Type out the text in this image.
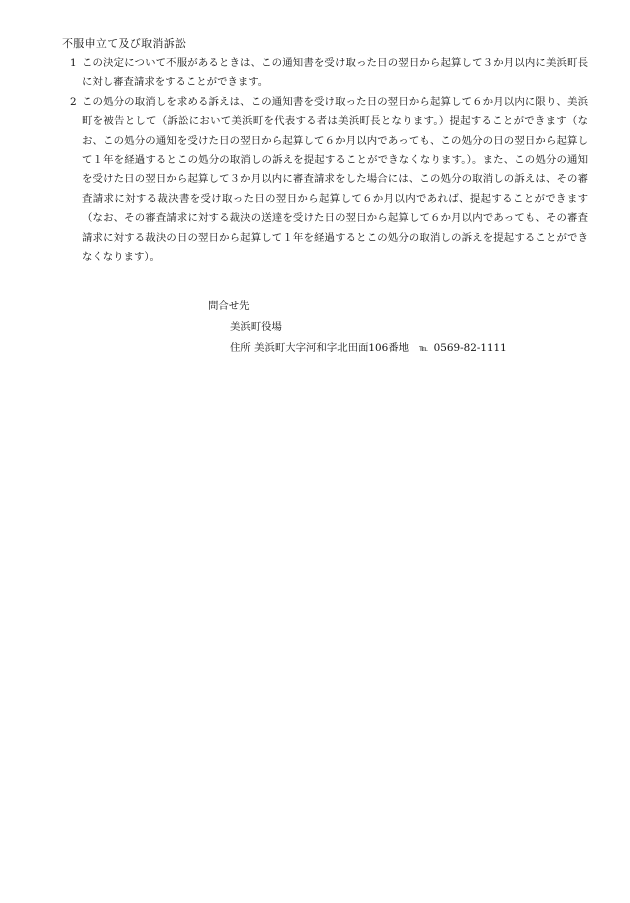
不服申立て及び取消訴訟
1 この決定について不服があるときは、この通知書を受け取った日の翌日から起算して３か月以内に美浜町長に対し審査請求をすることができます。
2 この処分の取消しを求める訴えは、この通知書を受け取った日の翌日から起算して６か月以内に限り、美浜町を被告として（訴訟において美浜町を代表する者は美浜町長となります。）提起することができます（なお、この処分の通知を受けた日の翌日から起算して６か月以内であっても、この処分の日の翌日から起算して１年を経過するとこの処分の取消しの訴えを提起することができなくなります。）。また、この処分の通知を受けた日の翌日から起算して３か月以内に審査請求をした場合には、この処分の取消しの訴えは、その審査請求に対する裁決書を受け取った日の翌日から起算して６か月以内であれば、提起することができます（なお、その審査請求に対する裁決の送達を受けた日の翌日から起算して６か月以内であっても、その審査請求に対する裁決の日の翌日から起算して１年を経過するとこの処分の取消しの訴えを提起することができなくなります）。
問合せ先
美浜町役場
住所 美浜町大字河和字北田面106番地 ℡ 0569-82-1111
